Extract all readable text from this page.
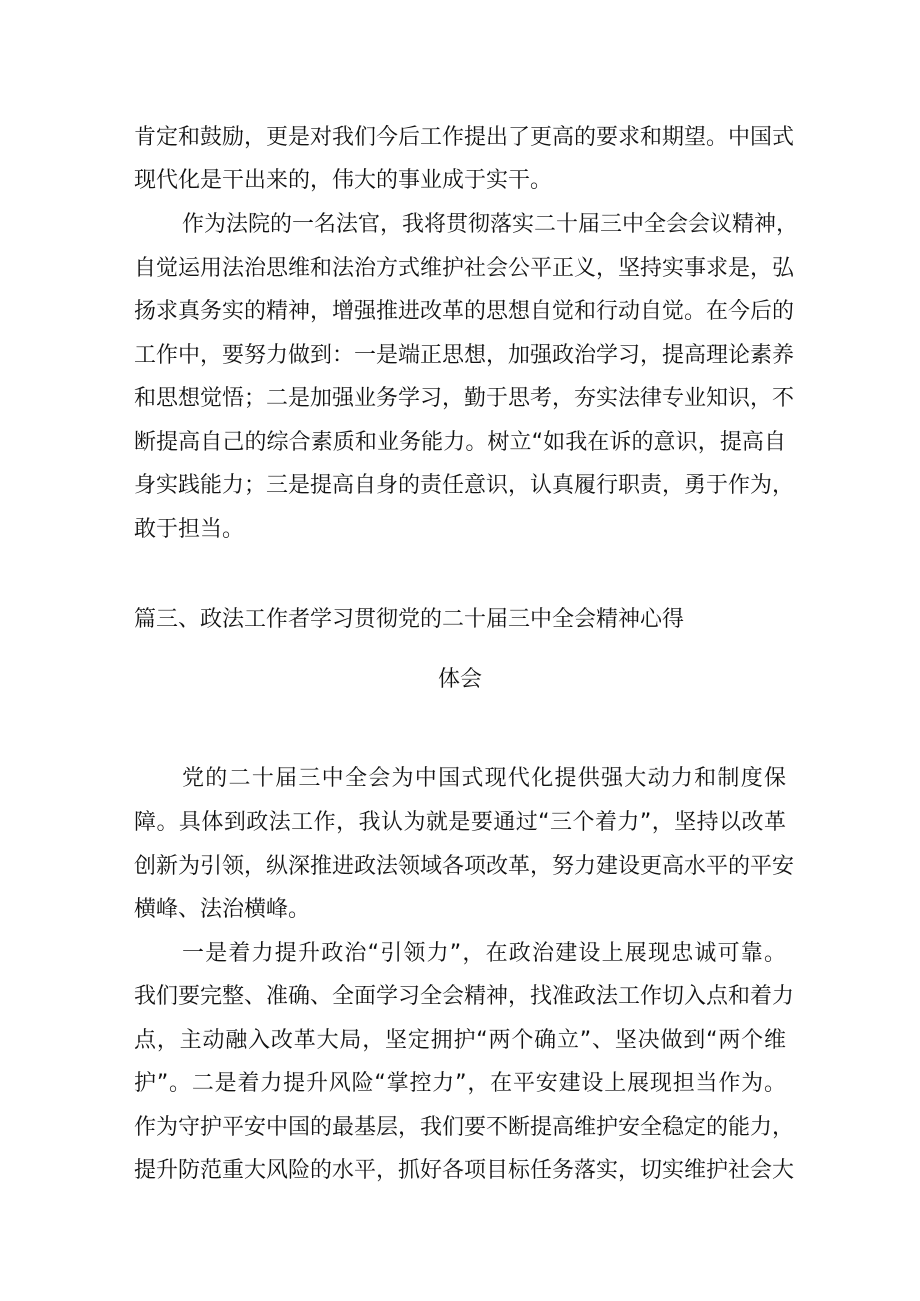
肯定和鼓励，更是对我们今后工作提出了更高的要求和期望。中国式
现代化是干出来的，伟大的事业成于实干。
作为法院的一名法官，我将贯彻落实二十届三中全会会议精神，
自觉运用法治思维和法治方式维护社会公平正义，坚持实事求是，弘
扬求真务实的精神，增强推进改革的思想自觉和行动自觉。在今后的
工作中，要努力做到：一是端正思想，加强政治学习，提高理论素养
和思想觉悟；二是加强业务学习，勤于思考，夯实法律专业知识，不
断提高自己的综合素质和业务能力。树立“如我在诉的意识，提高自
身实践能力；三是提高自身的责任意识，认真履行职责，勇于作为，
敢于担当。
篇三、政法工作者学习贯彻党的二十届三中全会精神心得
体会
党的二十届三中全会为中国式现代化提供强大动力和制度保
障。具体到政法工作，我认为就是要通过“三个着力”，坚持以改革
创新为引领，纵深推进政法领域各项改革，努力建设更高水平的平安
横峰、法治横峰。
一是着力提升政治“引领力”，在政治建设上展现忠诚可靠。
我们要完整、准确、全面学习全会精神，找准政法工作切入点和着力
点，主动融入改革大局，坚定拥护“两个确立”、坚决做到“两个维
护”。二是着力提升风险“掌控力”，在平安建设上展现担当作为。
作为守护平安中国的最基层，我们要不断提高维护安全稳定的能力，
提升防范重大风险的水平，抓好各项目标任务落实，切实维护社会大
